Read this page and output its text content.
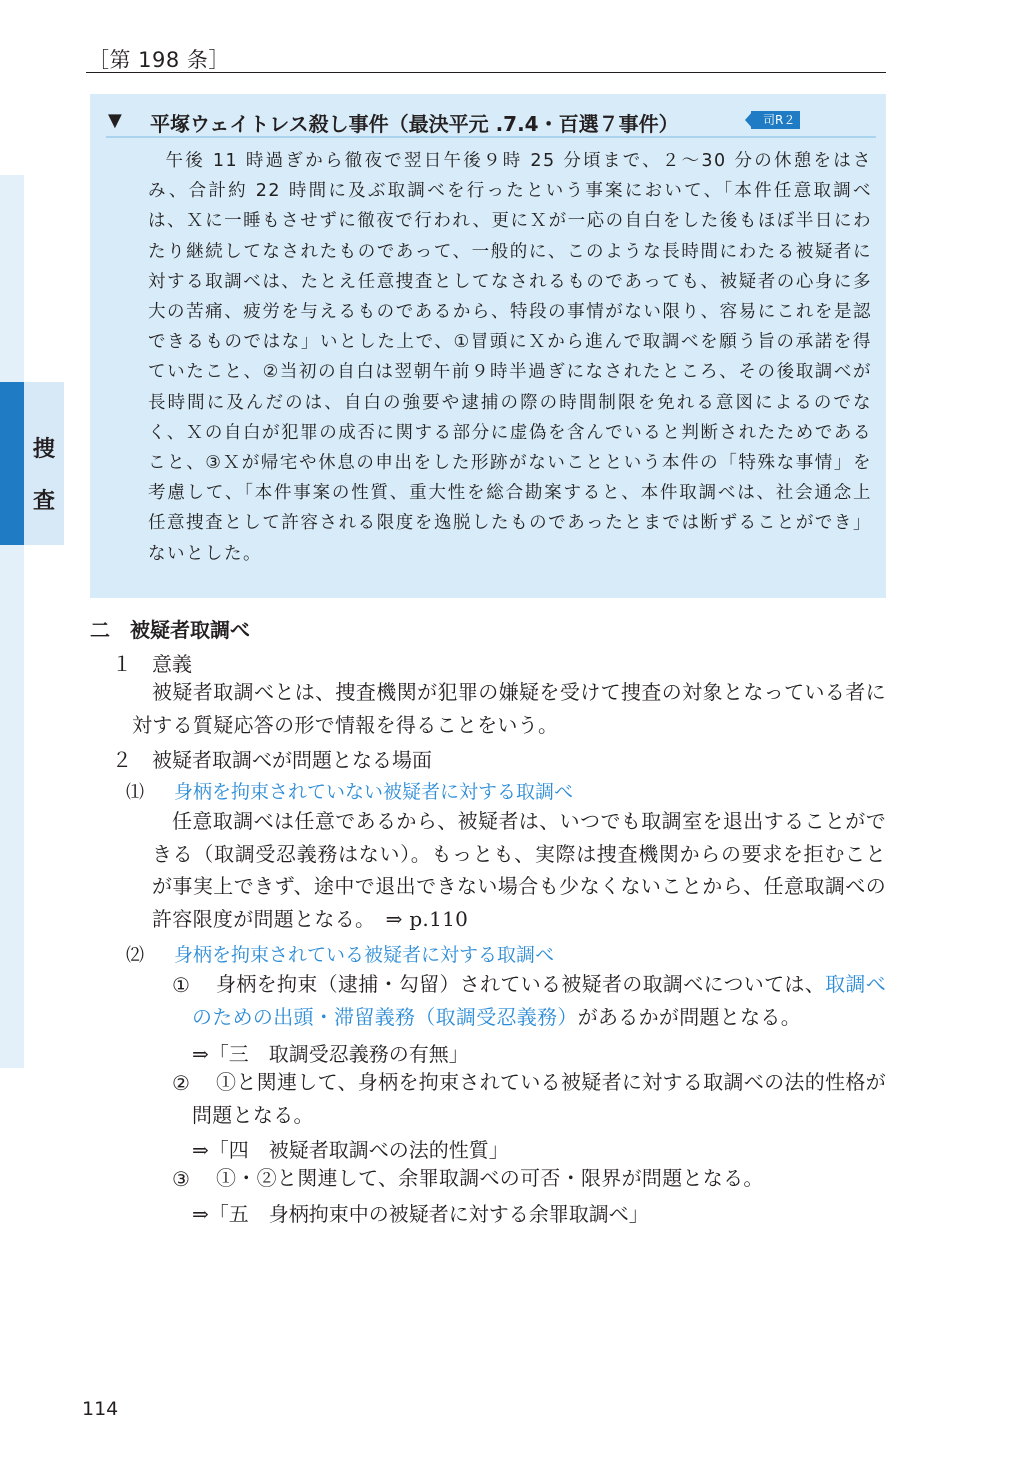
［第 198 条］
捜
査
▼ 平塚ウェイトレス殺し事件（最決平元 .7.4・百選７事件）	司R２

午後 11 時過ぎから徹夜で翌日午後９時 25 分頃まで、２〜30 分の休憩をはさみ、合計約 22 時間に及ぶ取調べを行ったという事案において、「本件任意取調べは、Ｘに一睡もさせずに徹夜で行われ、更にＸが一応の自白をした後もほぼ半日にわたり継続してなされたものであって、一般的に、このような長時間にわたる被疑者に対する取調べは、たとえ任意捜査としてなされるものであっても、被疑者の心身に多大の苦痛、疲労を与えるものであるから、特段の事情がない限り、容易にこれを是認できるものではな」いとした上で、①冒頭にＸから進んで取調べを願う旨の承諾を得ていたこと、②当初の自白は翌朝午前９時半過ぎになされたところ、その後取調べが長時間に及んだのは、自白の強要や逮捕の際の時間制限を免れる意図によるのでなく、Ｘの自白が犯罪の成否に関する部分に虚偽を含んでいると判断されたためであること、③Ｘが帰宅や休息の申出をした形跡がないことという本件の「特殊な事情」を考慮して、「本件事案の性質、重大性を総合勘案すると、本件取調べは、社会通念上任意捜査として許容される限度を逸脱したものであったとまでは断ずることができ」ないとした。

二　被疑者取調べ
１　意義
被疑者取調べとは、捜査機関が犯罪の嫌疑を受けて捜査の対象となっている者に対する質疑応答の形で情報を得ることをいう。
２　被疑者取調べが問題となる場面
⑴ 身柄を拘束されていない被疑者に対する取調べ
任意取調べは任意であるから、被疑者は、いつでも取調室を退出することができる（取調受忍義務はない）。もっとも、実際は捜査機関からの要求を拒むことが事実上できず、途中で退出できない場合も少なくないことから、任意取調べの許容限度が問題となる。　⇒ p.110
⑵ 身柄を拘束されている被疑者に対する取調べ
①	身柄を拘束（逮捕・勾留）されている被疑者の取調べについては、取調べのための出頭・滞留義務（取調受忍義務）があるかが問題となる。
⇒「三　取調受忍義務の有無」
②	①と関連して、身柄を拘束されている被疑者に対する取調べの法的性格が問題となる。
⇒「四　被疑者取調べの法的性質」
③	①・②と関連して、余罪取調べの可否・限界が問題となる。
⇒「五　身柄拘束中の被疑者に対する余罪取調べ」
114
